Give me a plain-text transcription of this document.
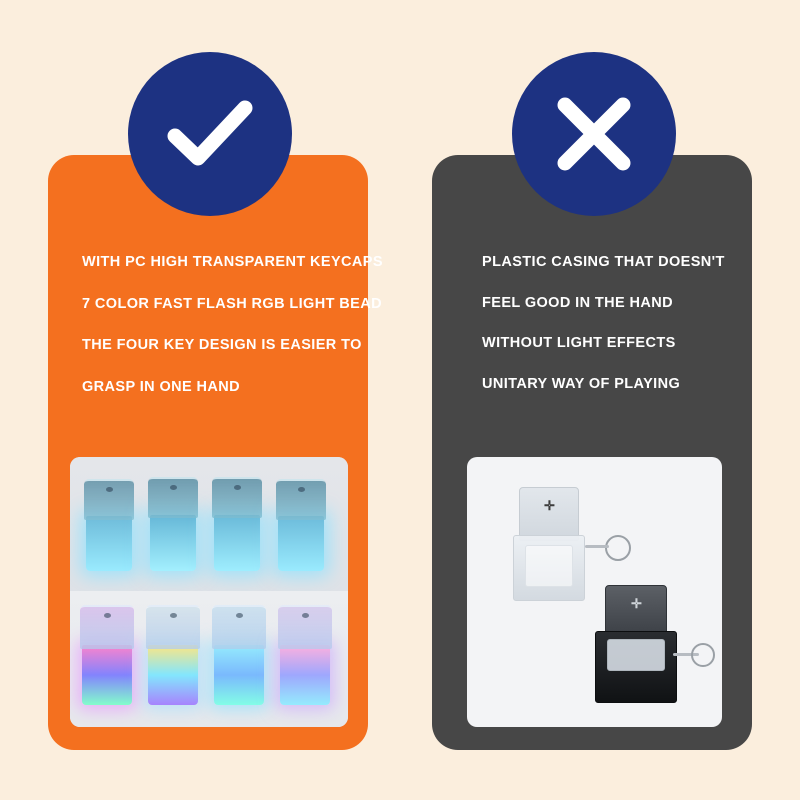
WITH PC HIGH TRANSPARENT KEYCAPS
7 COLOR FAST FLASH RGB LIGHT BEAD
THE FOUR KEY DESIGN IS EASIER TO
GRASP IN ONE HAND
PLASTIC CASING THAT DOESN'T
FEEL GOOD IN THE HAND
WITHOUT LIGHT EFFECTS
UNITARY WAY OF PLAYING
✛
✛
